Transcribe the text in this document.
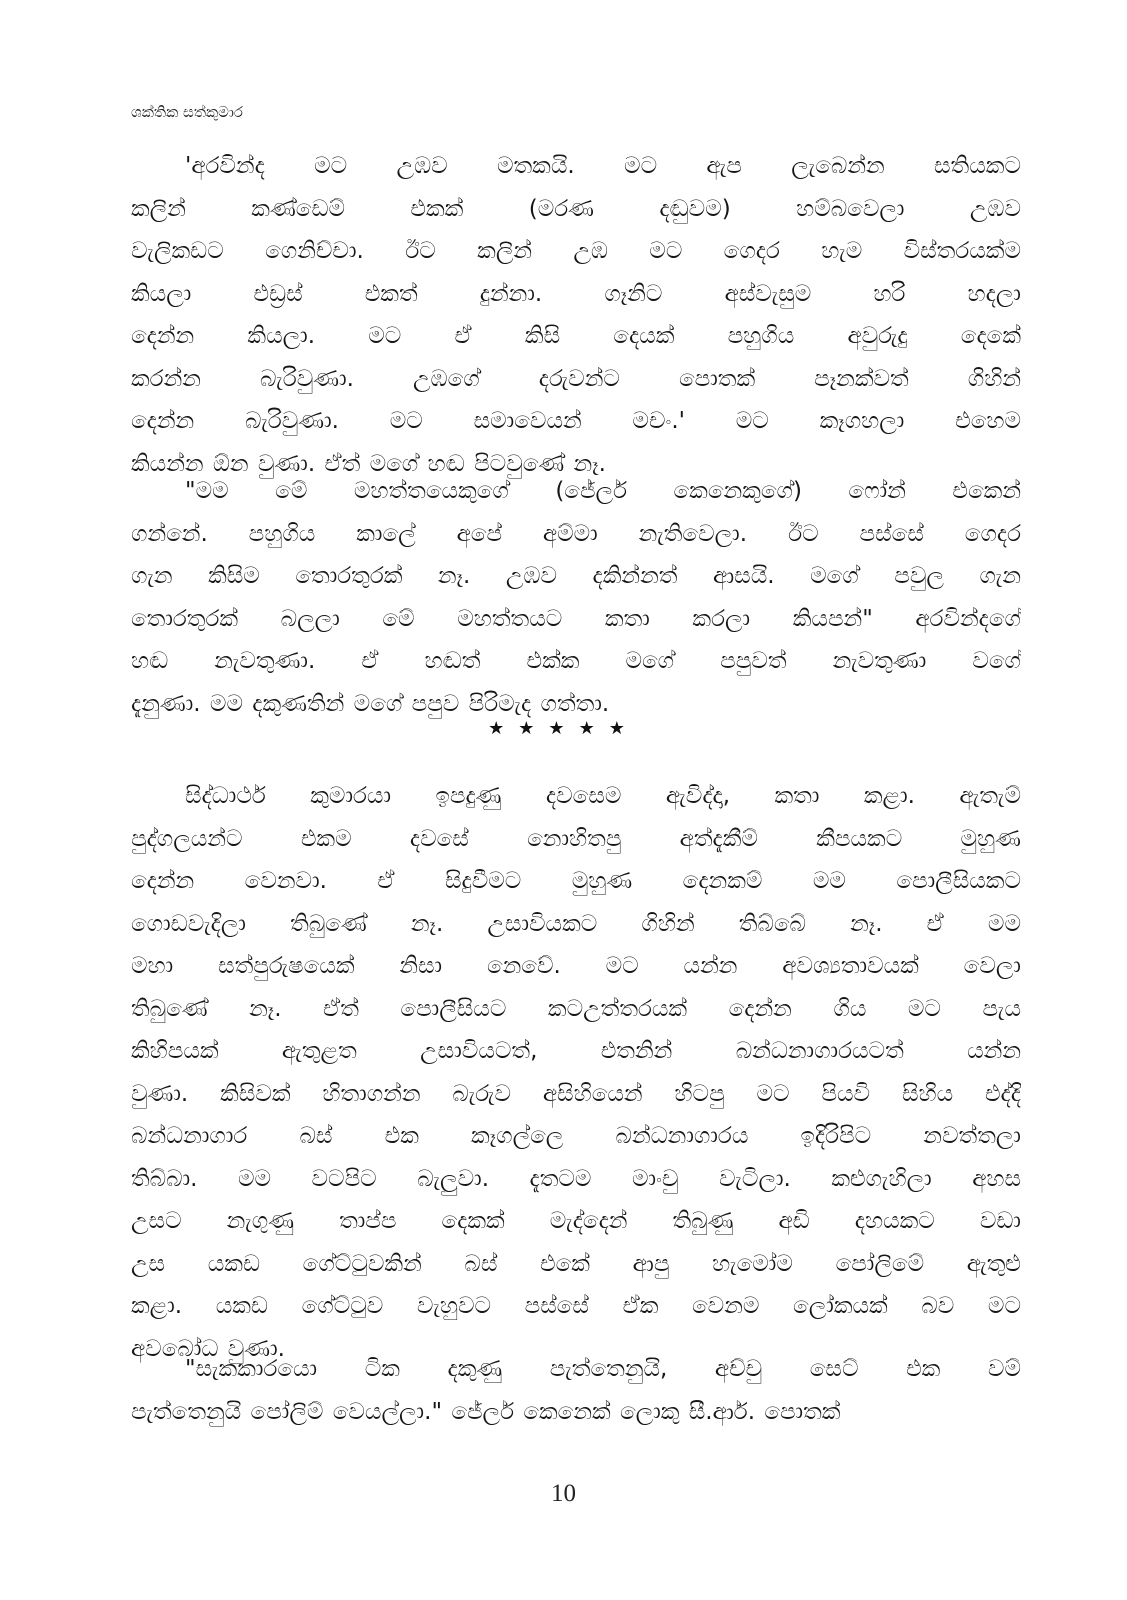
ශක්තික සත්කුමාර
'අරවින්ද මට උඹව මතකයි. මට ඇප ලැබෙන්න සතියකට
කලින් කණ්ඩෙම් එකක් (මරණ දඬුවම) හම්බවෙලා උඹව
වැලිකඩට ගෙනිච්චා. ඊට කලින් උඹ මට ගෙදර හැම විස්තරයක්ම
කියලා එඩ්‍රස් එකත් දුන්නා. ගෑනිට අස්වැසුම හරි හදලා
දෙන්න කියලා. මට ඒ කිසි දෙයක් පහුගිය අවුරුදු දෙකේ
කරන්න බැරිවුණා. උඹගේ දරුවන්ට පොතක් පෑනක්වත් ගිහින්
දෙන්න බැරිවුණා. මට සමාවෙයන් මචං.' මට කෑගහලා එහෙම
කියන්න ඕන වුණා. ඒත් මගේ හඬ පිටවුණේ නෑ.
"මම මේ මහත්තයෙකුගේ (ජේලර් කෙනෙකුගේ) ෆෝන් එකෙන්
ගන්නේ. පහුගිය කාලේ අපේ අම්මා නැතිවෙලා. ඊට පස්සේ ගෙදර
ගැන කිසිම තොරතුරක් නෑ. උඹව දකින්නත් ආසයි. මගේ පවුල ගැන
තොරතුරක් බලලා මේ මහත්තයට කතා කරලා කියපන්" අරවින්දගේ
හඬ නැවතුණා. ඒ හඬත් එක්ක මගේ පපුවත් නැවතුණා වගේ
දැනුණා. මම දකුණතින් මගේ පපුව පිරිමැද ගත්තා.
★★★★★
සිද්ධාර්ථ කුමාරයා ඉපදුණු දවසෙම ඇවිද්දා, කතා කළා. ඇතැම්
පුද්ගලයන්ට එකම දවසේ නොහිතපු අත්දැකීම් කීපයකට මුහුණ
දෙන්න වෙනවා. ඒ සිදුවීමට මුහුණ දෙනකම් මම පොලීසියකට
ගොඩවැදිලා තිබුණේ නෑ. උසාවියකට ගිහින් තිබ්බේ නෑ. ඒ මම
මහා සත්පුරුෂයෙක් නිසා නෙවේ. මට යන්න අවශ්‍යතාවයක් වෙලා
තිබුණේ නෑ. ඒත් පොලීසියට කටඋත්තරයක් දෙන්න ගිය මට පැය
කිහිපයක් ඇතුළත උසාවියටත්, එතනින් බන්ධනාගාරයටත් යන්න
වුණා. කිසිවක් හිතාගන්න බැරුව අසිහියෙන් හිටපු මට පියවි සිහිය එද්දි
බන්ධනාගාර බස් එක කෑගල්ලෙ බන්ධනාගාරය ඉදිරිපිට නවත්තලා
තිබ්බා. මම වටපිට බැලුවා. දැතටම මාංචු වැටිලා. කළුගැහිලා අහස
උසට නැගුණු තාප්ප දෙකක් මැද්දෙන් තිබුණු අඩි දහයකට වඩා
උස යකඩ ගේට්ටුවකින් බස් එකේ ආපු හැමෝම පෝලිමේ ඇතුළු
කළා. යකඩ ගේට්ටුව වැහුවට පස්සේ ඒක වෙනම ලෝකයක් බව මට
අවබෝධ වුණා.
"සැකකාරයො ටික දකුණු පැත්තෙනුයි, අච්චු සෙට් එක වම්
පැත්තෙනුයි පෝලිම් වෙයල්ලා." ජේලර් කෙනෙක් ලොකු සී.ආර්. පොතක්
10
